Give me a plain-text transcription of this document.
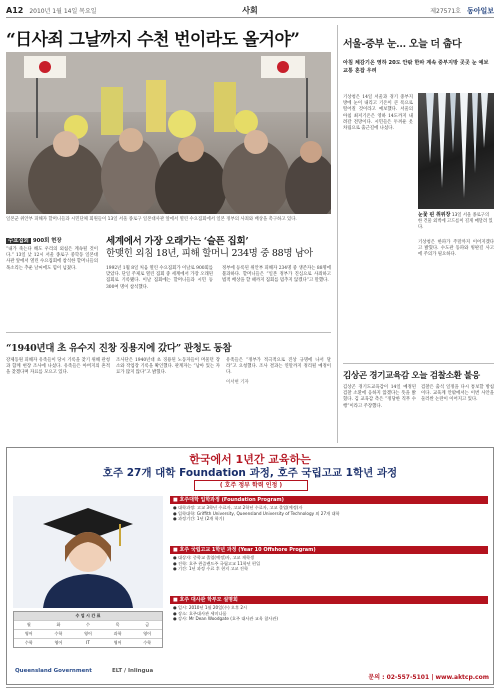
A12 2010년 1월 14일 목요일	사회	제27571호 동아일보
“日사죄 그날까지 수천 번이라도 올거야”
일본군 위안부 피해자 할머니들과 시민단체 회원들이 13일 서울 종로구 일본대사관 앞에서 열린 수요집회에서 일본 정부의 사죄와 배상을 촉구하고 있다.
수요집회 900회 현장
“내가 죽는다 해도 우리의 외침은 계속될 것이다.” 13일 낮 12시 서울 종로구 중학동 일본대사관 앞에서 열린 수요집회에 참석한 할머니들의 목소리는 추운 날씨에도 힘이 넘쳤다.
세계에서 가장 오래가는 ‘슬픈 집회’
한맺힌 외침 18년, 피해 할머니 234명 중 88명 남아
1992년 1월 8일 처음 열린 수요집회가 이날로 900회를 맞았다. 단일 주제로 열린 집회 중 세계에서 가장 오래된 집회로 기록됐다. 이날 집회에는 할머니들과 시민 등 300여 명이 참석했다.
정부에 등록된 위안부 피해자 234명 중 생존자는 88명에 불과하다. 할머니들은 “일본 정부가 진심으로 사죄하고 법적 배상을 할 때까지 집회를 멈추지 않겠다”고 말했다.
“1940년대 초 유수지 진창 징용지에 갔다” 관청도 동참
강제동원 피해자 유족들이 당시 기록을 찾기 위해 관청과 함께 현장 조사에 나섰다. 유족들은 아버지의 흔적을 찾겠다며 자료를 모으고 있다.
조사단은 1940년대 초 징용된 노동자들이 머물던 장소와 작업장 기록을 확인했다. 관계자는 “남아 있는 자료가 많지 않다”고 밝혔다.
유족들은 “정부가 적극적으로 진상 규명에 나서 달라”고 요청했다. 조사 결과는 연말까지 정리될 예정이다.
이서현 기자
서울-중부 눈… 오늘 더 춥다
아침 체감기온 영하 20도 안팎 한파 계속 중부지방 곳곳 눈 예보 교통 혼잡 우려
기상청은 14일 서울과 경기 중부지방에 눈이 내리고 기온이 큰 폭으로 떨어질 것이라고 예보했다. 서울의 아침 최저기온은 영하 14도까지 내려갈 전망이다. 시민들은 두꺼운 옷차림으로 출근길에 나섰다.
눈꽃 핀 취위장 13일 서울 종로구의 한 건물 외벽에 고드름이 길게 매달려 있다.
기상청은 한파가 주말까지 이어지겠다고 밝혔다. 수도관 동파와 빙판길 사고에 주의가 필요하다.
김상곤 경기교육감 오늘 검찰소환 불응
김상곤 경기도교육감이 14일 예정된 검찰 소환에 응하지 않겠다는 뜻을 밝혔다. 김 교육감 측은 “정당한 직무 수행”이라고 주장했다.
검찰은 출석 일정을 다시 통보할 방침이다. 교육계 안팎에서는 이번 사안을 둘러싼 논란이 이어지고 있다.
한국에서 1년간 교육하는
호주 27개 대학 Foundation 과정, 호주 국립고교 1학년 과정
( 호주 정부 학력 인정 )
■ 호주대학 입학과정 (Foundation Program)
● 대학과정: 고교 3학년 수료자, 고교 2학년 수료자, 고교 졸업(예정)자
● 입학대학: Griffith University, Queensland University of Technology 외 27개 대학
● 과정기간: 1년 (2개 학기)
■ 호주 국립고교 1학년 과정 (Year 10 Offshore Program)
● 대상자: 중학교 졸업(예정)자, 고교 재학생
● 진학: 호주 퀸즐랜드주 국립고교 11학년 편입
● 기간: 1년 과정 수료 후 현지 고교 진학
■ 호주 대사관 학부모 설명회
● 일시: 2010년 1월 20일(수) 오후 2시
● 장소: 호주대사관 세미나룸
● 강사: Mr Dean Woodgate (호주 대사관 교육 참사관)
수 업 시 간 표
월	화	수	목	금
영어	수학	영어	과학	영어
수학	영어	IT	영어	수학
Queensland Government	ELT / Inlingua
문의 : 02-557-5101 | www.aktcp.com
